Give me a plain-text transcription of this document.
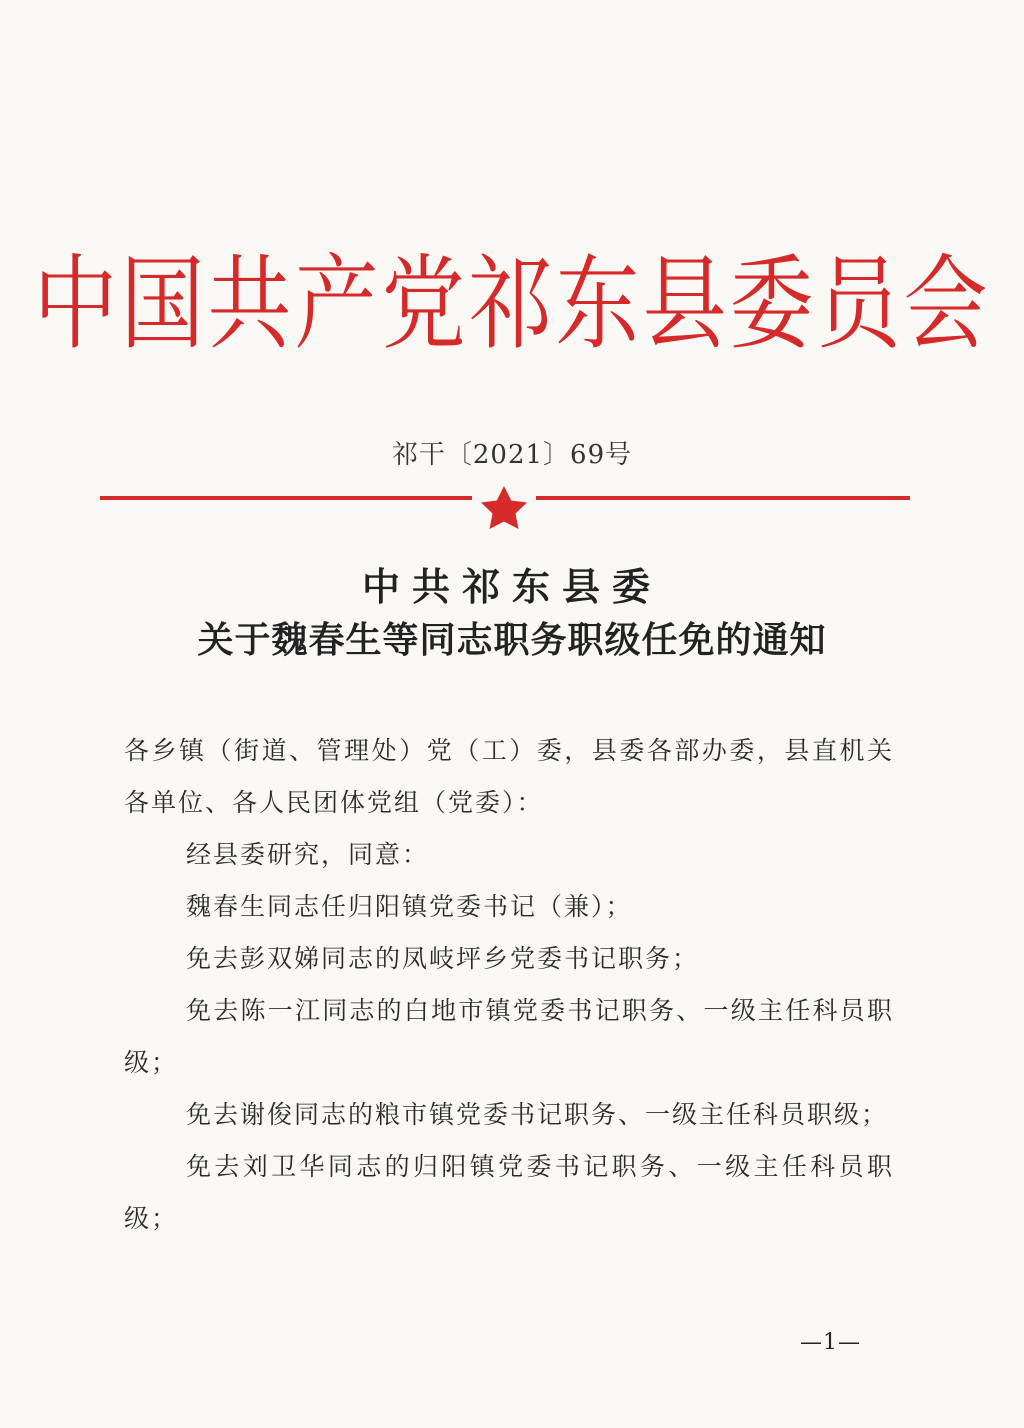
中国共产党祁东县委员会
祁干〔2021〕69号
中共祁东县委
关于魏春生等同志职务职级任免的通知

各乡镇（街道、管理处）党（工）委，县委各部办委，县直机关各单位、各人民团体党组（党委）：

经县委研究，同意：

魏春生同志任归阳镇党委书记（兼）；

免去彭双娣同志的凤岐坪乡党委书记职务；

免去陈一江同志的白地市镇党委书记职务、一级主任科员职级；

免去谢俊同志的粮市镇党委书记职务、一级主任科员职级；

免去刘卫华同志的归阳镇党委书记职务、一级主任科员职级；

—1—
